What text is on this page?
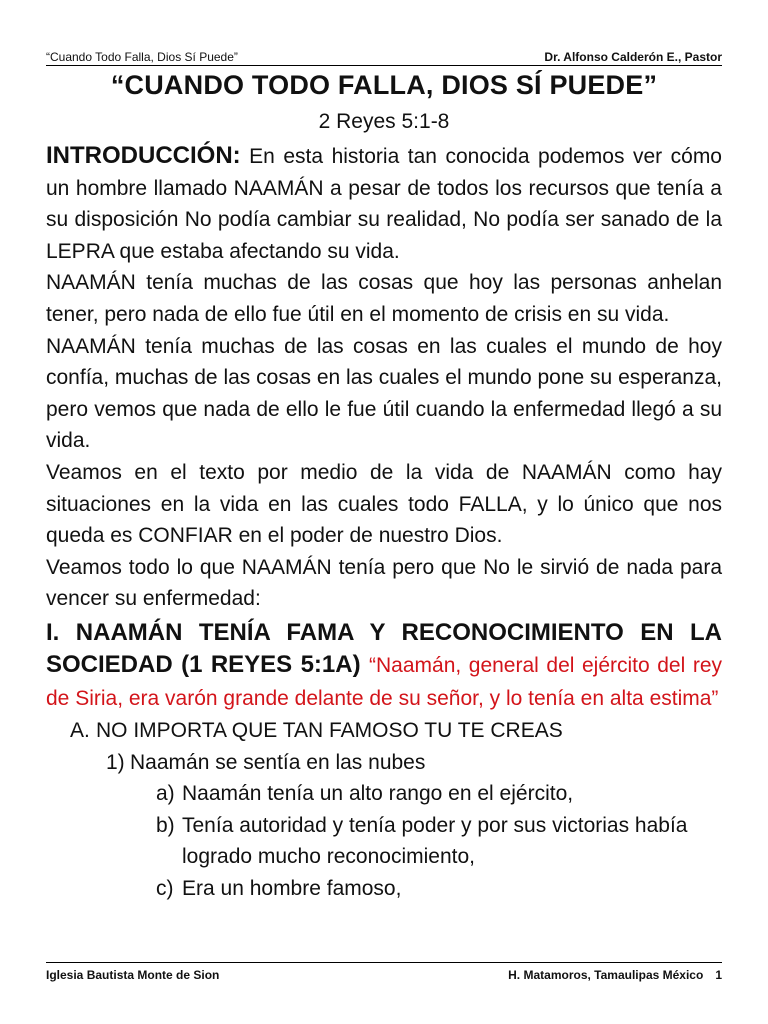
“Cuando Todo Falla, Dios Sí Puede”	Dr. Alfonso Calderón E., Pastor
“CUANDO TODO FALLA, DIOS SÍ PUEDE”
2 Reyes 5:1-8

INTRODUCCIÓN: En esta historia tan conocida podemos ver cómo un hombre llamado NAAMÁN a pesar de todos los recursos que tenía a su disposición No podía cambiar su realidad, No podía ser sanado de la LEPRA que estaba afectando su vida.

NAAMÁN tenía muchas de las cosas que hoy las personas anhelan tener, pero nada de ello fue útil en el momento de crisis en su vida.

NAAMÁN tenía muchas de las cosas en las cuales el mundo de hoy confía, muchas de las cosas en las cuales el mundo pone su esperanza, pero vemos que nada de ello le fue útil cuando la enfermedad llegó a su vida.

Veamos en el texto por medio de la vida de NAAMÁN como hay situaciones en la vida en las cuales todo FALLA, y lo único que nos queda es CONFIAR en el poder de nuestro Dios.

Veamos todo lo que NAAMÁN tenía pero que No le sirvió de nada para vencer su enfermedad:

I. NAAMÁN TENÍA FAMA Y RECONOCIMIENTO EN LA SOCIEDAD (1 REYES 5:1A) “Naamán, general del ejército del rey de Siria, era varón grande delante de su señor, y lo tenía en alta estima”

A. NO IMPORTA QUE TAN FAMOSO TU TE CREAS

1) Naamán se sentía en las nubes

a) Naamán tenía un alto rango en el ejército,

b) Tenía autoridad y tenía poder y por sus victorias había logrado mucho reconocimiento,

c) Era un hombre famoso,

Iglesia Bautista Monte de Sion	H. Matamoros, Tamaulipas México 1
